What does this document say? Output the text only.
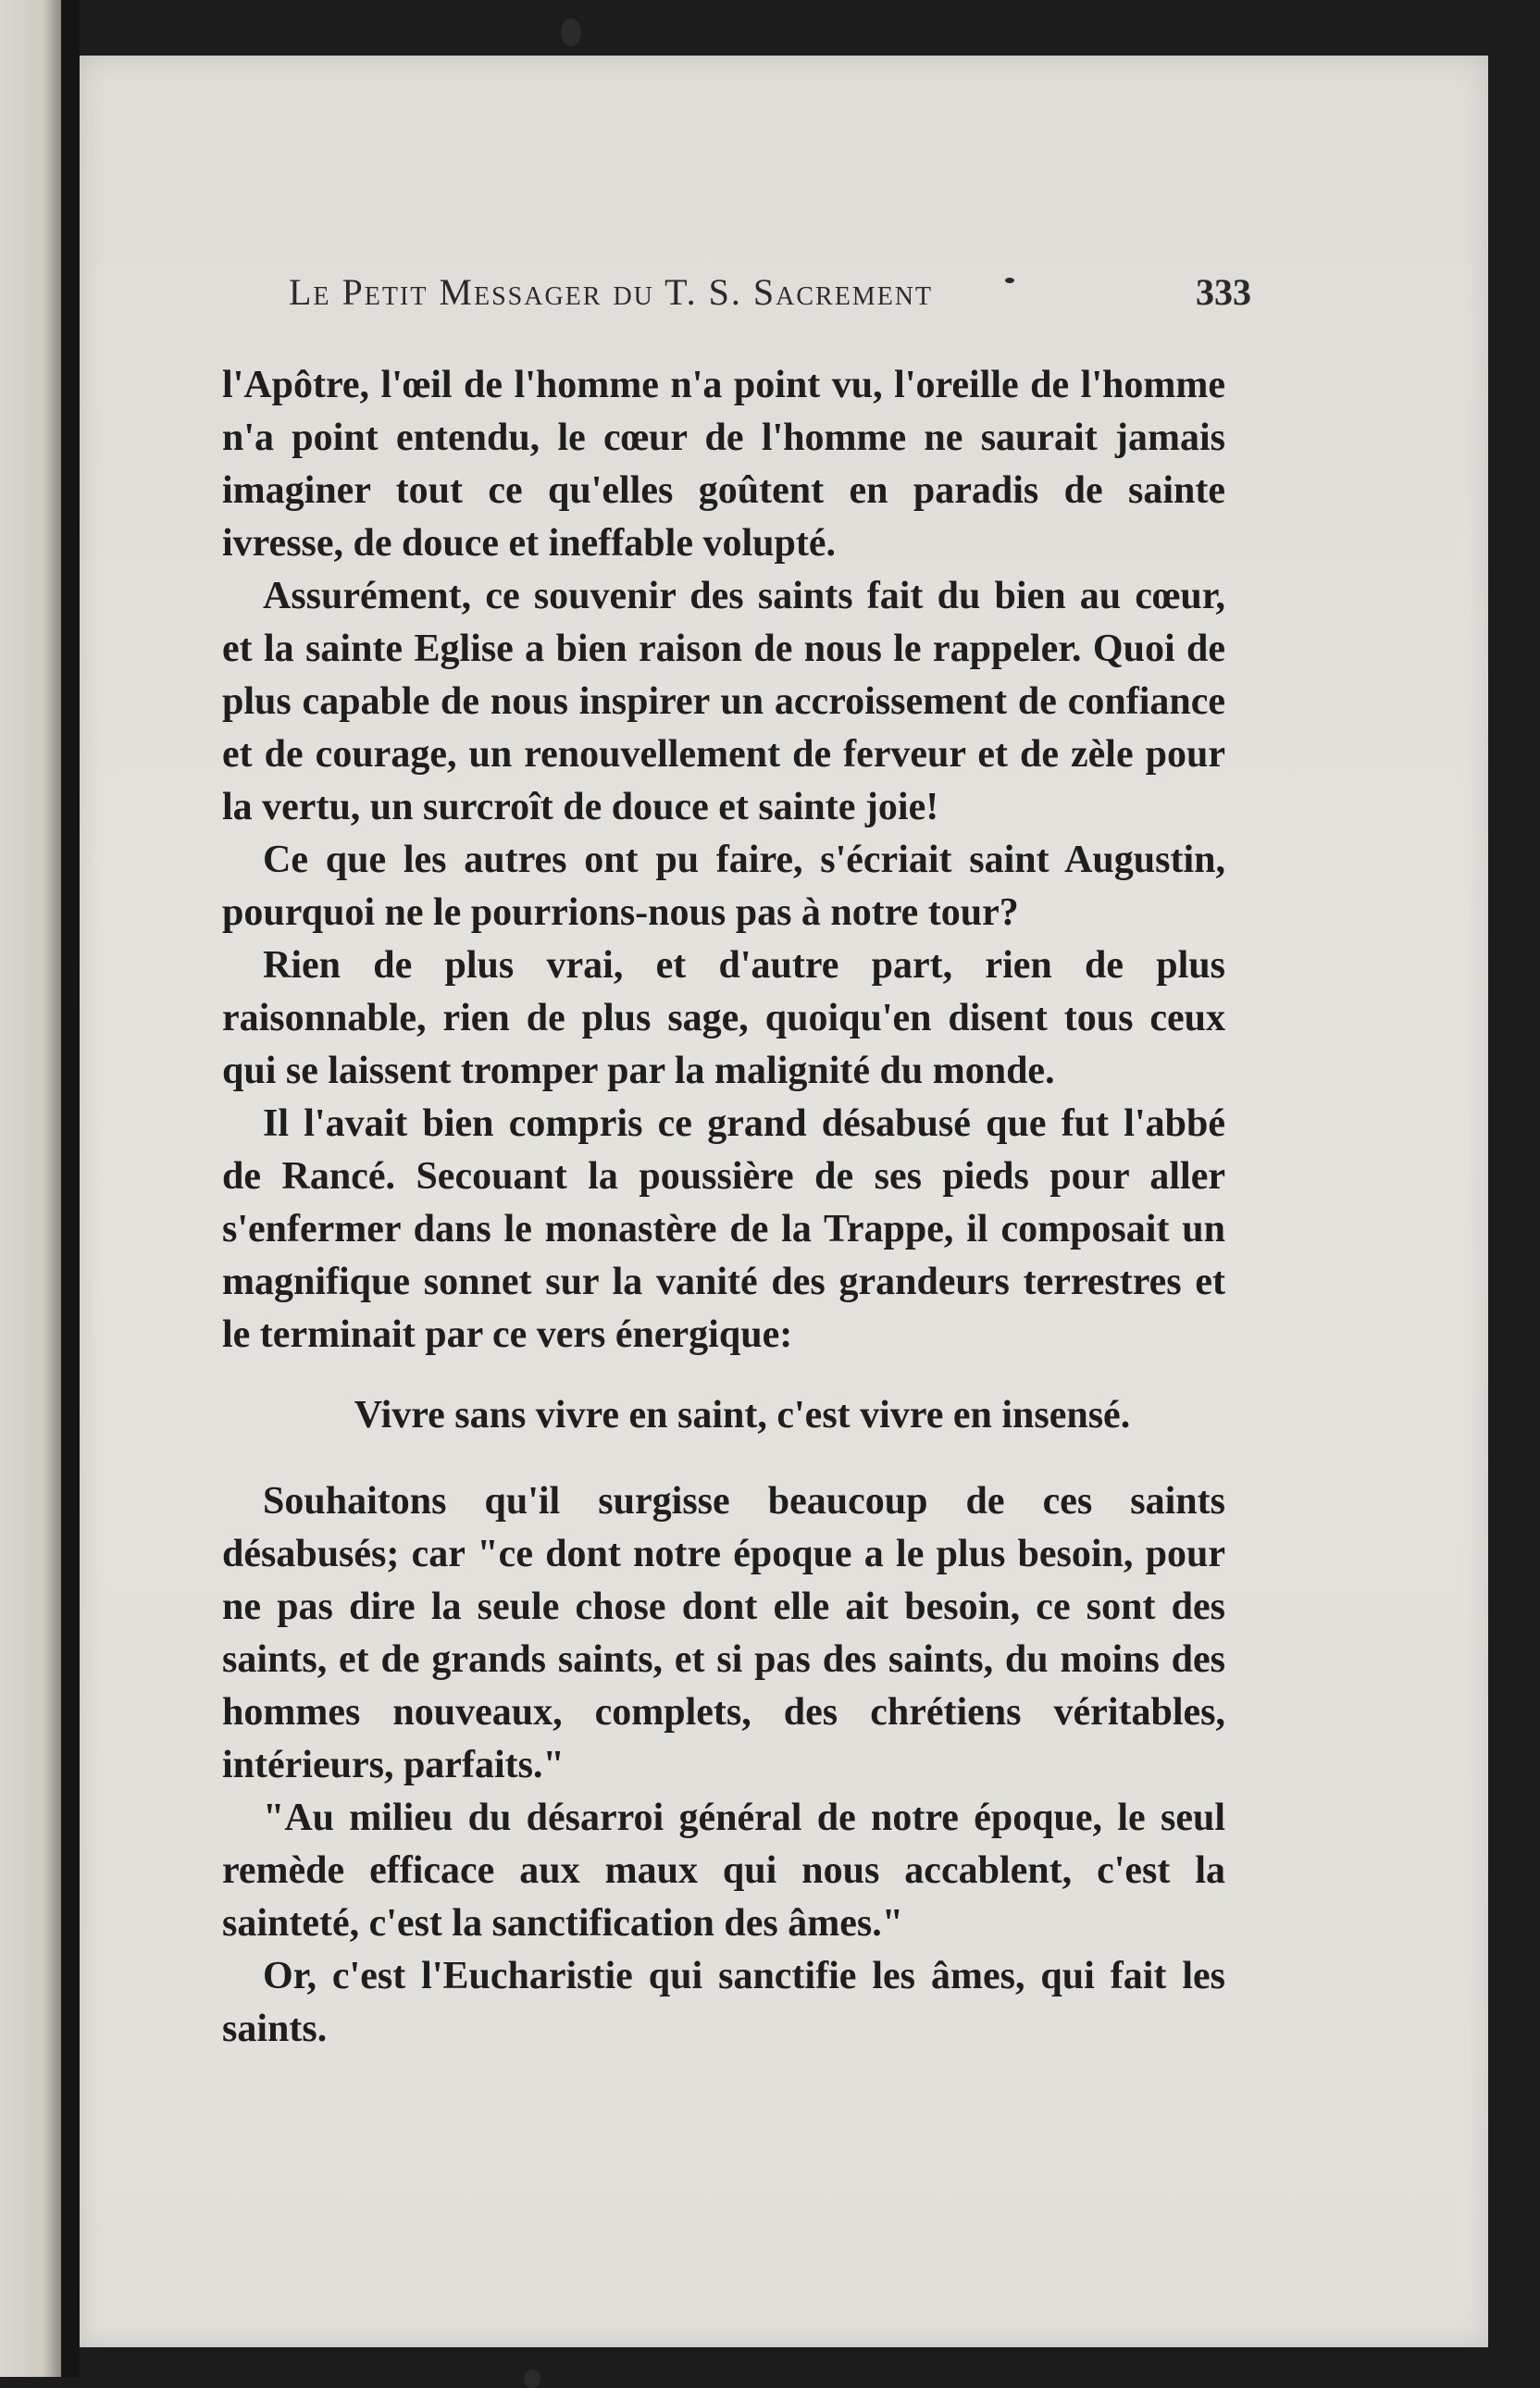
Le Petit Messager du T. S. Sacrement	333

l'Apôtre, l'œil de l'homme n'a point vu, l'oreille de l'homme n'a point entendu, le cœur de l'homme ne saurait jamais imaginer tout ce qu'elles goûtent en paradis de sainte ivresse, de douce et ineffable volupté.

Assurément, ce souvenir des saints fait du bien au cœur, et la sainte Eglise a bien raison de nous le rappeler. Quoi de plus capable de nous inspirer un accroissement de confiance et de courage, un renouvellement de ferveur et de zèle pour la vertu, un surcroît de douce et sainte joie!

Ce que les autres ont pu faire, s'écriait saint Augustin, pourquoi ne le pourrions-nous pas à notre tour?

Rien de plus vrai, et d'autre part, rien de plus raisonnable, rien de plus sage, quoiqu'en disent tous ceux qui se laissent tromper par la malignité du monde.

Il l'avait bien compris ce grand désabusé que fut l'abbé de Rancé. Secouant la poussière de ses pieds pour aller s'enfermer dans le monastère de la Trappe, il composait un magnifique sonnet sur la vanité des grandeurs terrestres et le terminait par ce vers énergique:

Vivre sans vivre en saint, c'est vivre en insensé.

Souhaitons qu'il surgisse beaucoup de ces saints désabusés; car "ce dont notre époque a le plus besoin, pour ne pas dire la seule chose dont elle ait besoin, ce sont des saints, et de grands saints, et si pas des saints, du moins des hommes nouveaux, complets, des chrétiens véritables, intérieurs, parfaits."

"Au milieu du désarroi général de notre époque, le seul remède efficace aux maux qui nous accablent, c'est la sainteté, c'est la sanctification des âmes."

Or, c'est l'Eucharistie qui sanctifie les âmes, qui fait les saints.
